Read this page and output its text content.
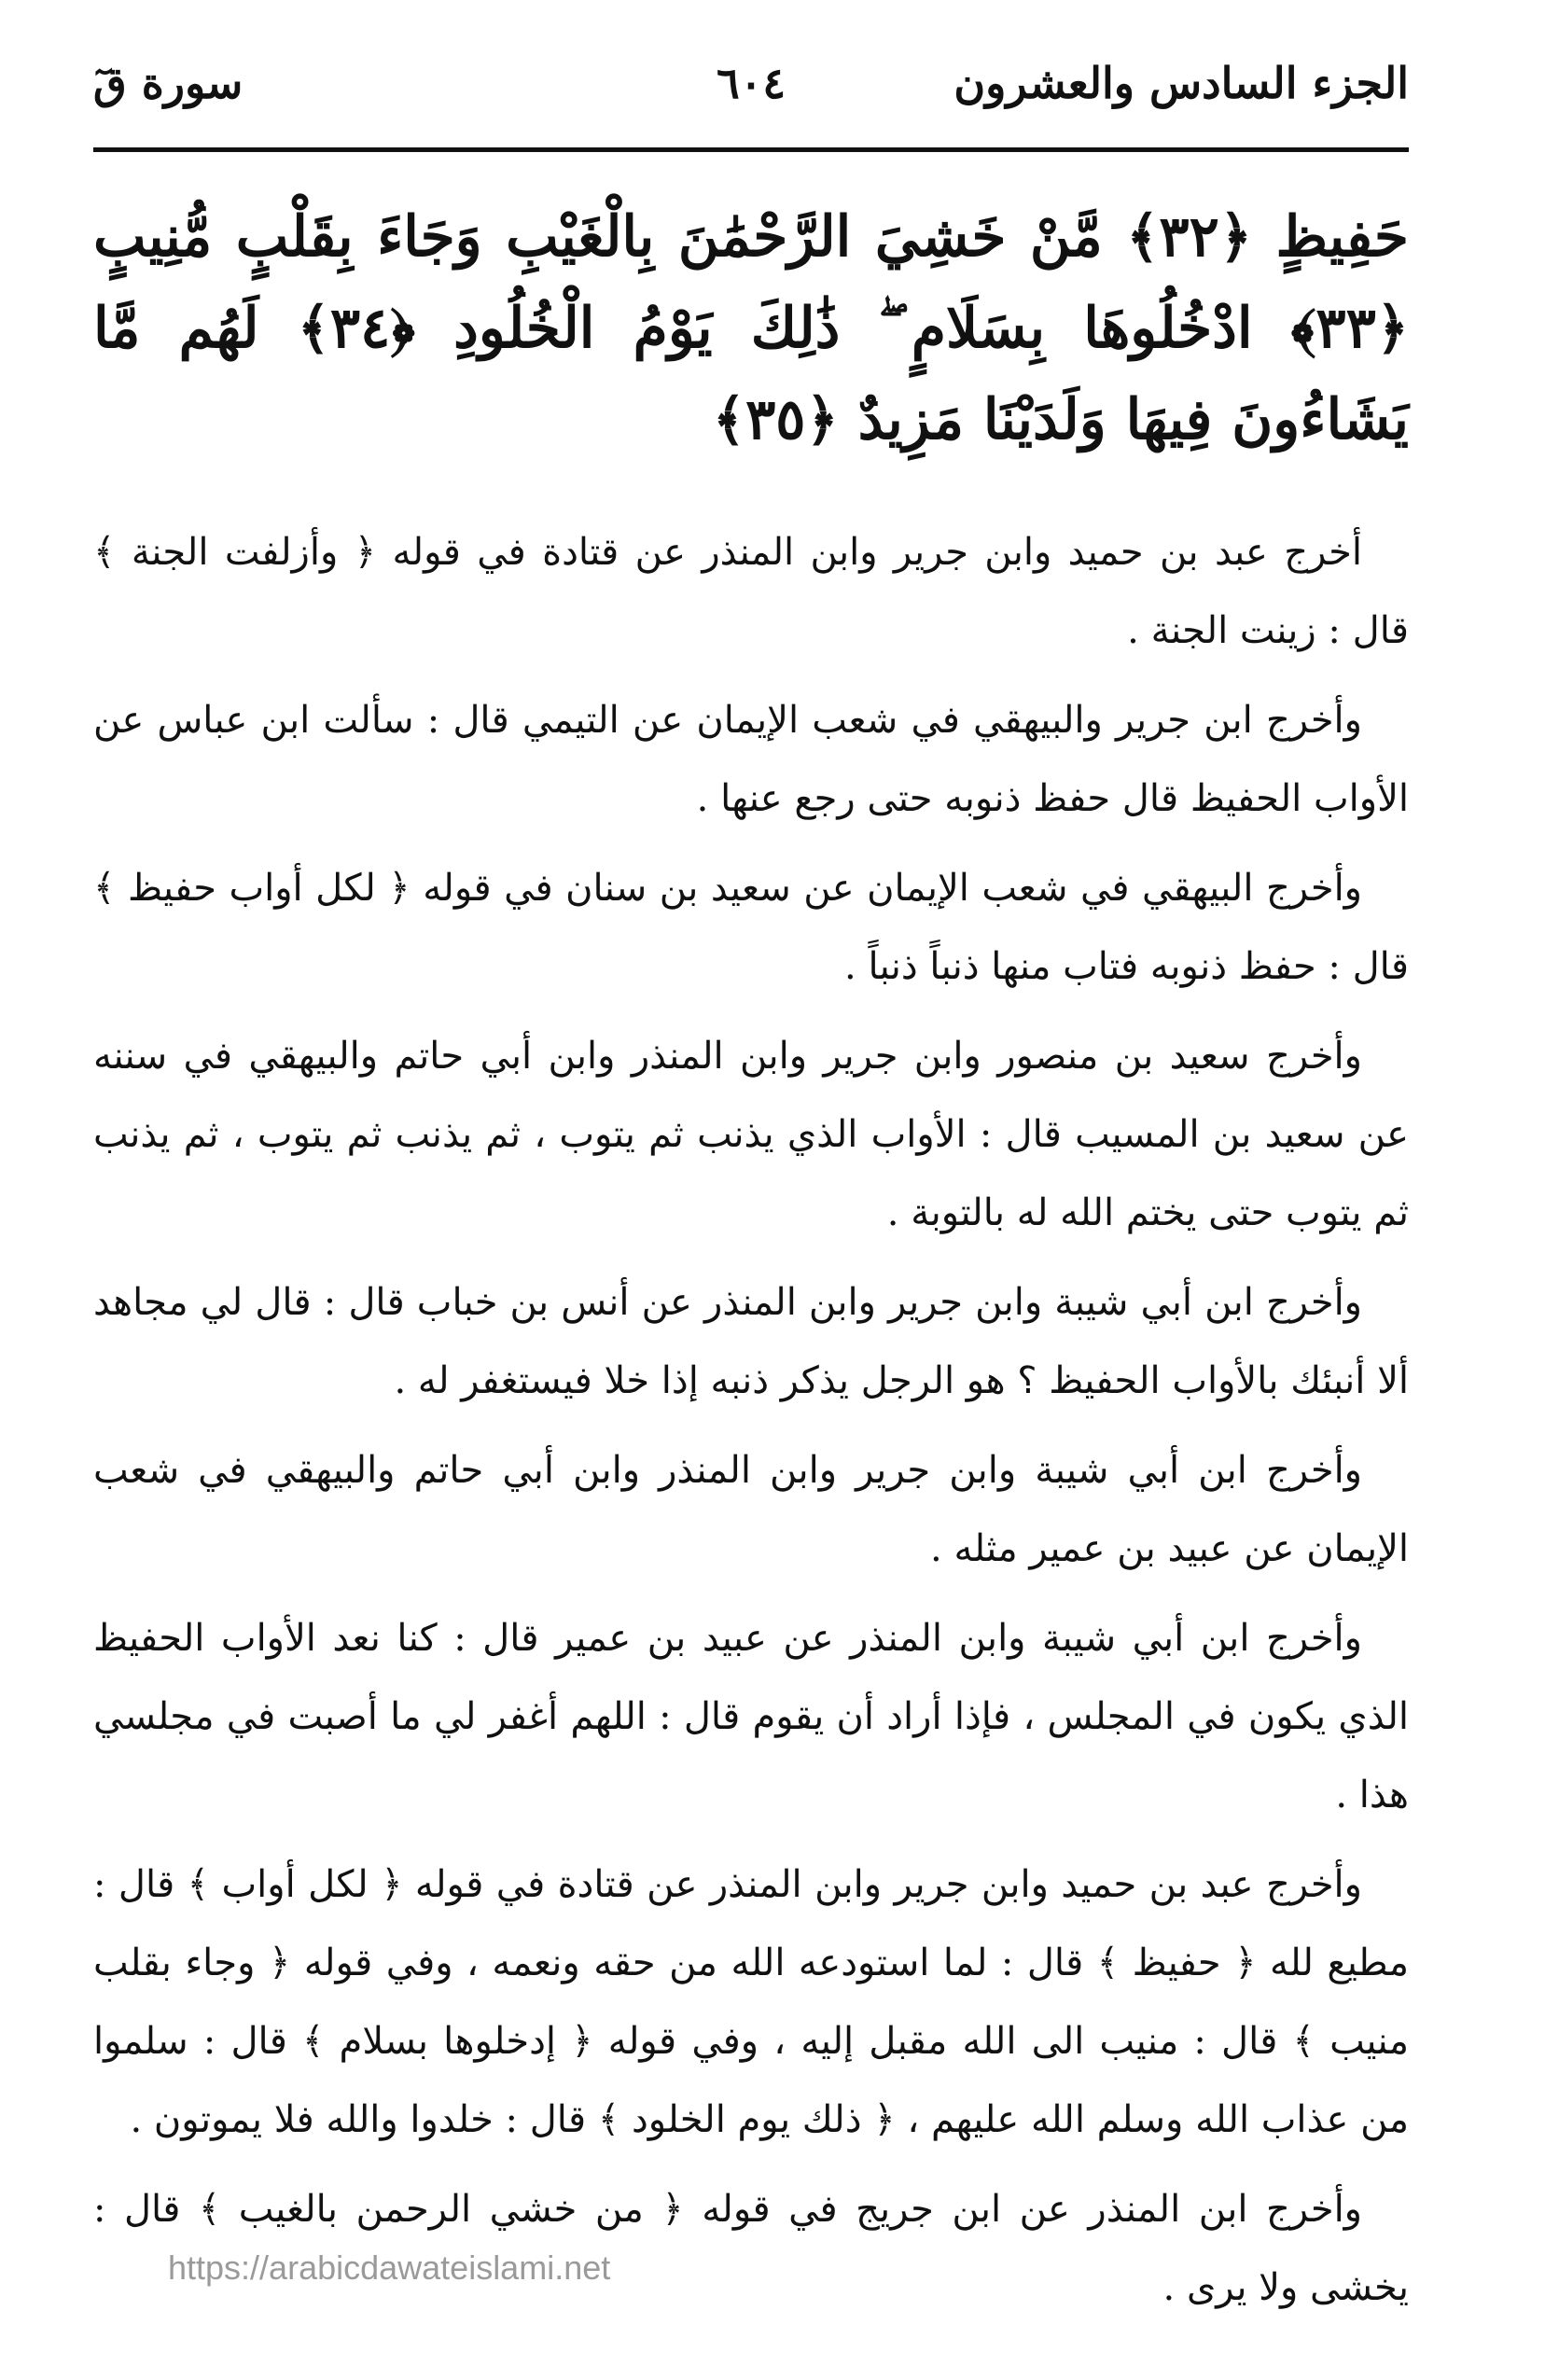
الجزء السادس والعشرون
٦٠٤
سورة قٓ
حَفِيظٍ ﴿٣٢﴾ مَّنْ خَشِيَ الرَّحْمَٰنَ بِالْغَيْبِ وَجَاءَ بِقَلْبٍ مُّنِيبٍ ﴿٣٣﴾ ادْخُلُوهَا بِسَلَامٍ ۖ ذَٰلِكَ يَوْمُ الْخُلُودِ ﴿٣٤﴾ لَهُم مَّا يَشَاءُونَ فِيهَا وَلَدَيْنَا مَزِيدٌ ﴿٣٥﴾

أخرج عبد بن حميد وابن جرير وابن المنذر عن قتادة في قوله ﴿ وأزلفت الجنة ﴾ قال : زينت الجنة .

وأخرج ابن جرير والبيهقي في شعب الإيمان عن التيمي قال : سألت ابن عباس عن الأواب الحفيظ قال حفظ ذنوبه حتى رجع عنها .

وأخرج البيهقي في شعب الإيمان عن سعيد بن سنان في قوله ﴿ لكل أواب حفيظ ﴾ قال : حفظ ذنوبه فتاب منها ذنباً ذنباً .

وأخرج سعيد بن منصور وابن جرير وابن المنذر وابن أبي حاتم والبيهقي في سننه عن سعيد بن المسيب قال : الأواب الذي يذنب ثم يتوب ، ثم يذنب ثم يتوب ، ثم يذنب ثم يتوب حتى يختم الله له بالتوبة .

وأخرج ابن أبي شيبة وابن جرير وابن المنذر عن أنس بن خباب قال : قال لي مجاهد ألا أنبئك بالأواب الحفيظ ؟ هو الرجل يذكر ذنبه إذا خلا فيستغفر له .

وأخرج ابن أبي شيبة وابن جرير وابن المنذر وابن أبي حاتم والبيهقي في شعب الإيمان عن عبيد بن عمير مثله .

وأخرج ابن أبي شيبة وابن المنذر عن عبيد بن عمير قال : كنا نعد الأواب الحفيظ الذي يكون في المجلس ، فإذا أراد أن يقوم قال : اللهم أغفر لي ما أصبت في مجلسي هذا .

وأخرج عبد بن حميد وابن جرير وابن المنذر عن قتادة في قوله ﴿ لكل أواب ﴾ قال : مطيع لله ﴿ حفيظ ﴾ قال : لما استودعه الله من حقه ونعمه ، وفي قوله ﴿ وجاء بقلب منيب ﴾ قال : منيب الى الله مقبل إليه ، وفي قوله ﴿ إدخلوها بسلام ﴾ قال : سلموا من عذاب الله وسلم الله عليهم ، ﴿ ذلك يوم الخلود ﴾ قال : خلدوا والله فلا يموتون .

وأخرج ابن المنذر عن ابن جريج في قوله ﴿ من خشي الرحمن بالغيب ﴾ قال : يخشى ولا يرى .

https://arabicdawateislami.net
